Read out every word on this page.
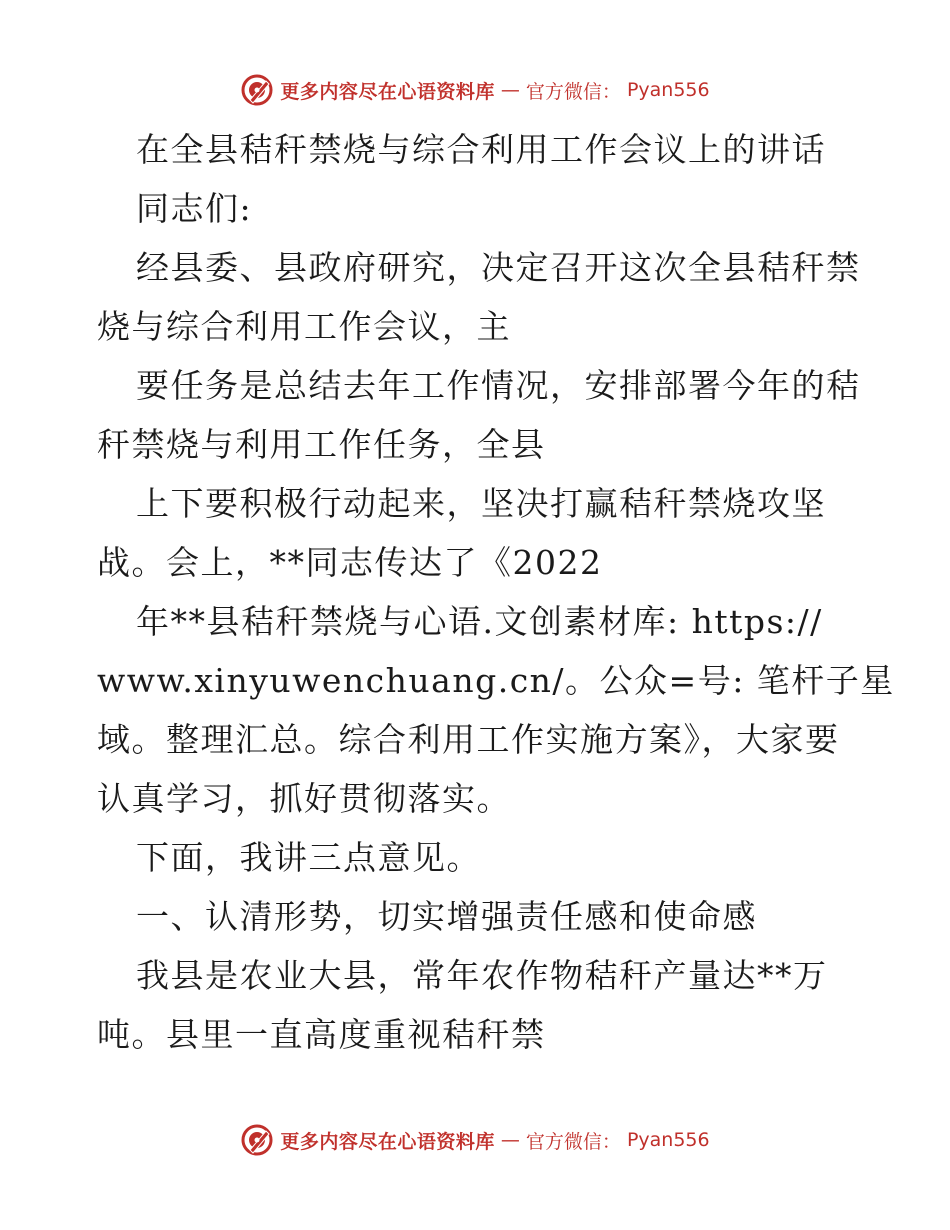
更多内容尽在心语资料库 — 官方微信： Pyan556
在全县秸秆禁烧与综合利用工作会议上的讲话
同志们:
经县委、县政府研究，决定召开这次全县秸秆禁
烧与综合利用工作会议，主
要任务是总结去年工作情况，安排部署今年的秸
秆禁烧与利用工作任务，全县
上下要积极行动起来，坚决打赢秸秆禁烧攻坚
战。会上，**同志传达了《2022
年**县秸秆禁烧与心语.文创素材库: https://
www.xinyuwenchuang.cn/。公众=号: 笔杆子星
域。整理汇总。综合利用工作实施方案》，大家要
认真学习，抓好贯彻落实。
下面，我讲三点意见。
一、认清形势，切实增强责任感和使命感
我县是农业大县，常年农作物秸秆产量达**万
吨。县里一直高度重视秸秆禁
更多内容尽在心语资料库 — 官方微信： Pyan556
